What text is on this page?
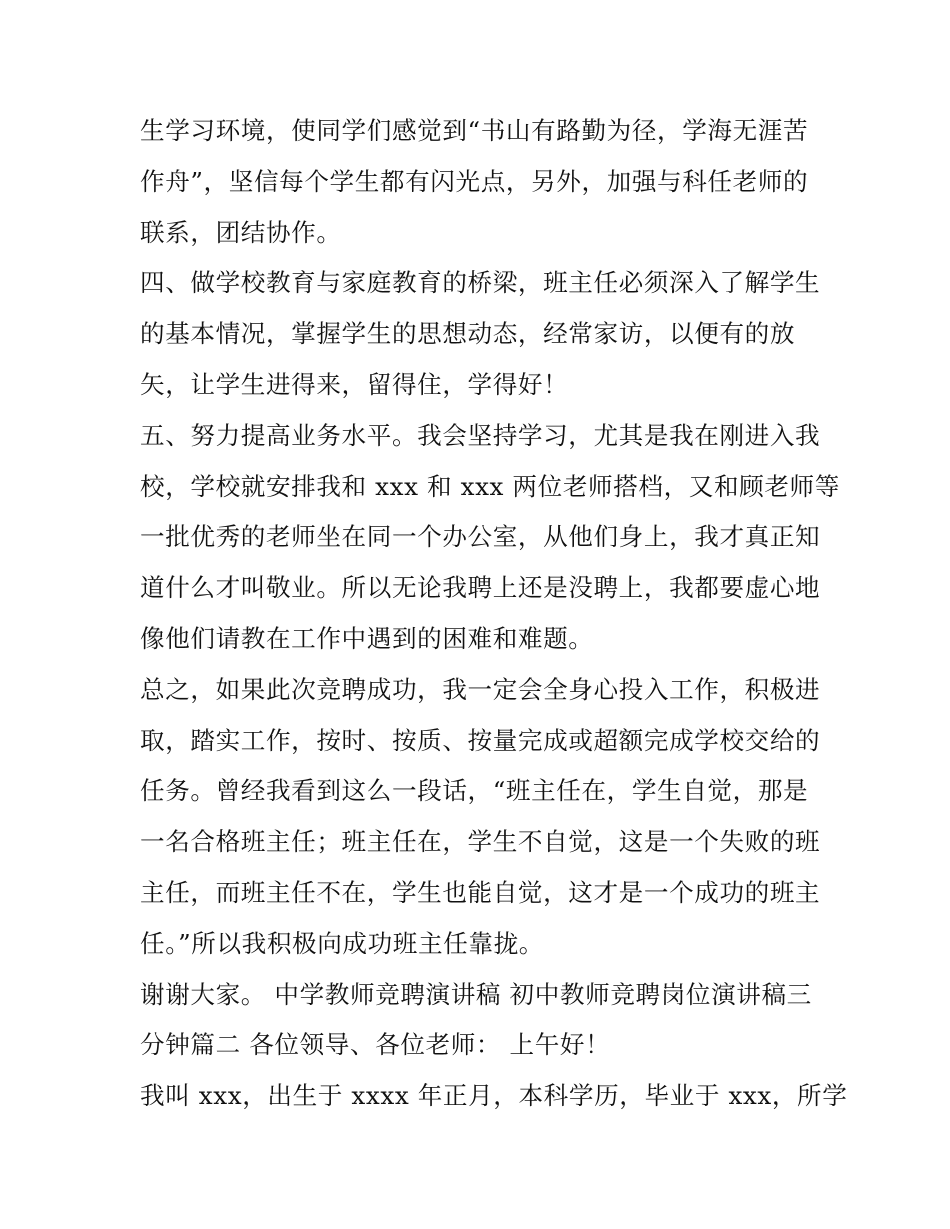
生学习环境，使同学们感觉到“书山有路勤为径，学海无涯苦
作舟”，坚信每个学生都有闪光点，另外，加强与科任老师的
联系，团结协作。
四、做学校教育与家庭教育的桥梁，班主任必须深入了解学生
的基本情况，掌握学生的思想动态，经常家访，以便有的放
矢，让学生进得来，留得住，学得好！
五、努力提高业务水平。我会坚持学习，尤其是我在刚进入我
校，学校就安排我和 xxx 和 xxx 两位老师搭档，又和顾老师等
一批优秀的老师坐在同一个办公室，从他们身上，我才真正知
道什么才叫敬业。所以无论我聘上还是没聘上，我都要虚心地
像他们请教在工作中遇到的困难和难题。
总之，如果此次竞聘成功，我一定会全身心投入工作，积极进
取，踏实工作，按时、按质、按量完成或超额完成学校交给的
任务。曾经我看到这么一段话，“班主任在，学生自觉，那是
一名合格班主任；班主任在，学生不自觉，这是一个失败的班
主任，而班主任不在，学生也能自觉，这才是一个成功的班主
任。”所以我积极向成功班主任靠拢。
谢谢大家。 中学教师竞聘演讲稿 初中教师竞聘岗位演讲稿三
分钟篇二 各位领导、各位老师： 上午好！
我叫 xxx，出生于 xxxx 年正月，本科学历，毕业于 xxx，所学
